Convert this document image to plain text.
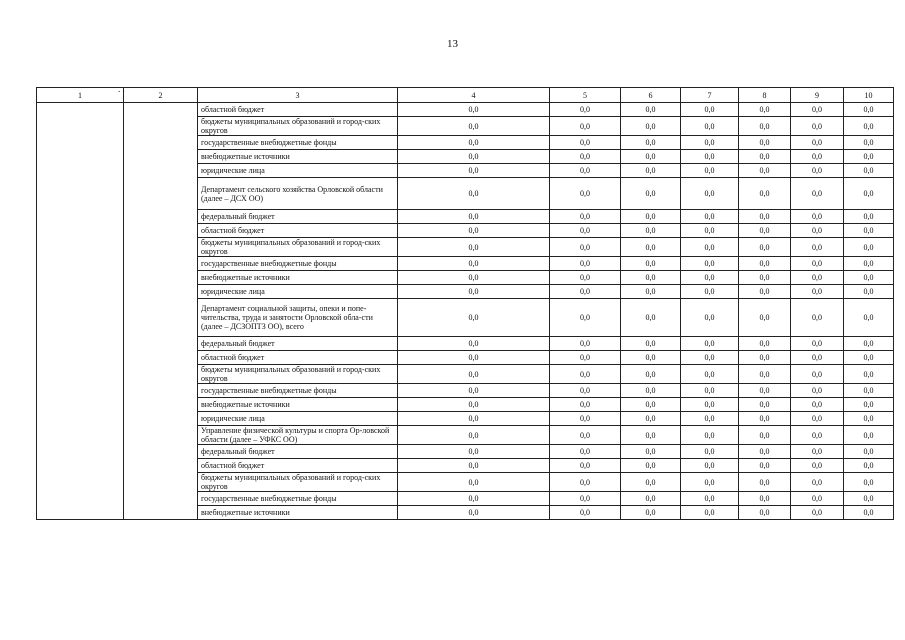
13
1	2	3	4	5	6	7	8	9	10
		областной бюджет	0,0	0,0	0,0	0,0	0,0	0,0	0,0
		бюджеты муниципальных образований и город-ских округов	0,0	0,0	0,0	0,0	0,0	0,0	0,0
		государственные внебюджетные фонды	0,0	0,0	0,0	0,0	0,0	0,0	0,0
		внебюджетные источники	0,0	0,0	0,0	0,0	0,0	0,0	0,0
		юридические лица	0,0	0,0	0,0	0,0	0,0	0,0	0,0
		Департамент сельского хозяйства Орловской области (далее – ДСХ ОО)	0,0	0,0	0,0	0,0	0,0	0,0	0,0
		федеральный бюджет	0,0	0,0	0,0	0,0	0,0	0,0	0,0
		областной бюджет	0,0	0,0	0,0	0,0	0,0	0,0	0,0
		бюджеты муниципальных образований и город-ских округов	0,0	0,0	0,0	0,0	0,0	0,0	0,0
		государственные внебюджетные фонды	0,0	0,0	0,0	0,0	0,0	0,0	0,0
		внебюджетные источники	0,0	0,0	0,0	0,0	0,0	0,0	0,0
		юридические лица	0,0	0,0	0,0	0,0	0,0	0,0	0,0
		Департамент социальной защиты, опеки и попе-чительства, труда и занятости Орловской обла-сти (далее – ДСЗОПТЗ ОО), всего	0,0	0,0	0,0	0,0	0,0	0,0	0,0
		федеральный бюджет	0,0	0,0	0,0	0,0	0,0	0,0	0,0
		областной бюджет	0,0	0,0	0,0	0,0	0,0	0,0	0,0
		бюджеты муниципальных образований и город-ских округов	0,0	0,0	0,0	0,0	0,0	0,0	0,0
		государственные внебюджетные фонды	0,0	0,0	0,0	0,0	0,0	0,0	0,0
		внебюджетные источники	0,0	0,0	0,0	0,0	0,0	0,0	0,0
		юридические лица	0,0	0,0	0,0	0,0	0,0	0,0	0,0
		Управление физической культуры и спорта Ор-ловской области (далее – УФКС ОО)	0,0	0,0	0,0	0,0	0,0	0,0	0,0
		федеральный бюджет	0,0	0,0	0,0	0,0	0,0	0,0	0,0
		областной бюджет	0,0	0,0	0,0	0,0	0,0	0,0	0,0
		бюджеты муниципальных образований и город-ских округов	0,0	0,0	0,0	0,0	0,0	0,0	0,0
		государственные внебюджетные фонды	0,0	0,0	0,0	0,0	0,0	0,0	0,0
		внебюджетные источники	0,0	0,0	0,0	0,0	0,0	0,0	0,0
. .
